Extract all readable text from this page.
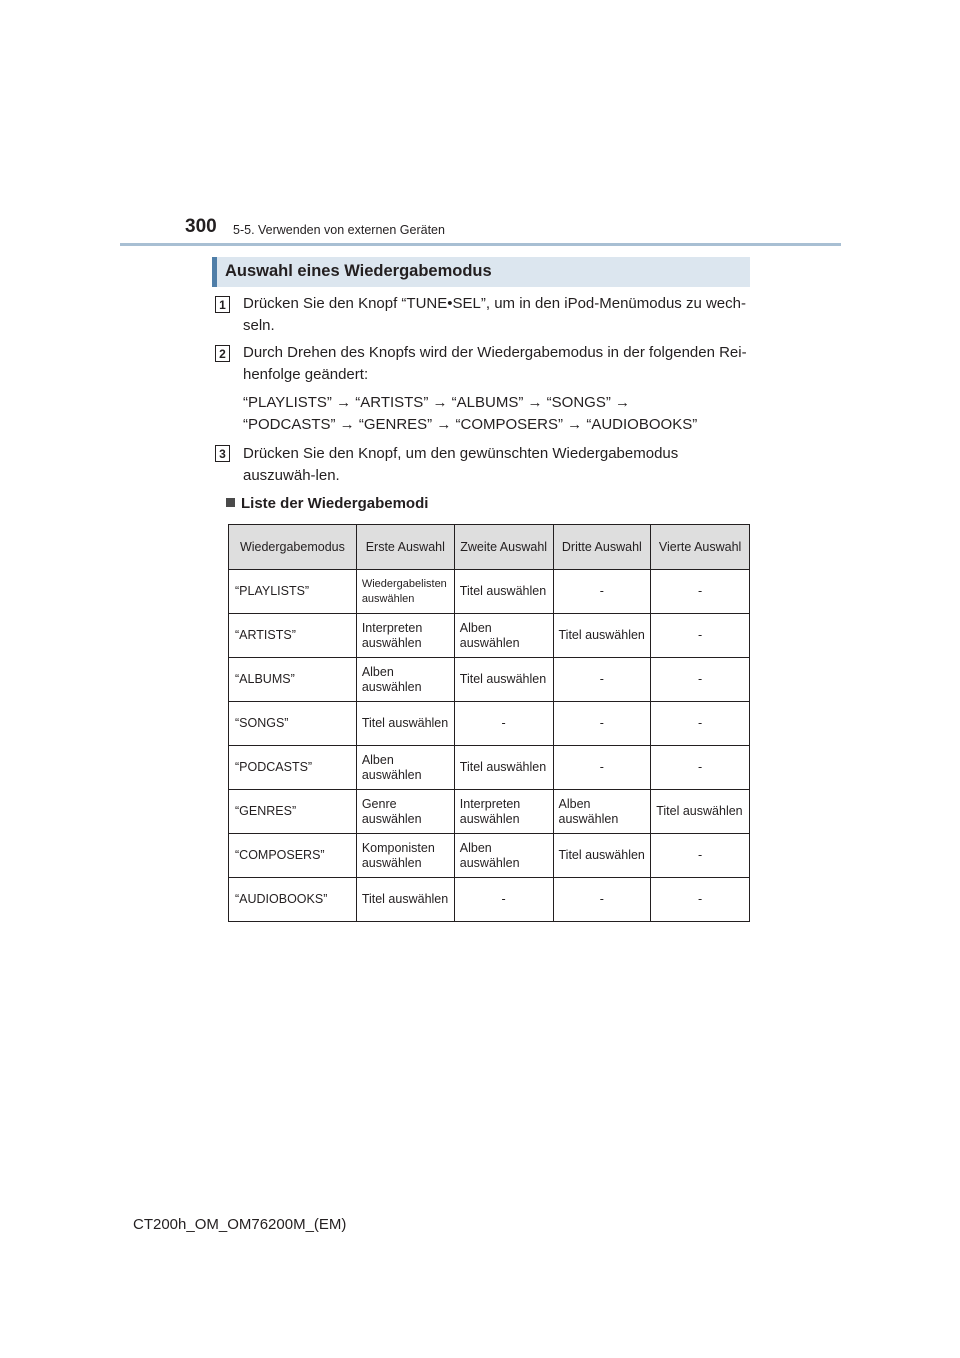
300 5-5. Verwenden von externen Geräten
Auswahl eines Wiedergabemodus
1 Drücken Sie den Knopf “TUNE•SEL”, um in den iPod-Menümodus zu wech-seln.
2 Durch Drehen des Knopfs wird der Wiedergabemodus in der folgenden Rei-henfolge geändert:
“PLAYLISTS” → “ARTISTS” → “ALBUMS” → “SONGS” →
“PODCASTS” → “GENRES” → “COMPOSERS” → “AUDIOBOOKS”
3 Drücken Sie den Knopf, um den gewünschten Wiedergabemodus auszuwäh-len.
Liste der Wiedergabemodi
Wiedergabemodus	Erste Auswahl	Zweite Auswahl	Dritte Auswahl	Vierte Auswahl
“PLAYLISTS”	Wiedergabelisten auswählen	Titel auswählen	-	-
“ARTISTS”	Interpreten auswählen	Alben auswählen	Titel auswählen	-
“ALBUMS”	Alben auswählen	Titel auswählen	-	-
“SONGS”	Titel auswählen	-	-	-
“PODCASTS”	Alben auswählen	Titel auswählen	-	-
“GENRES”	Genre auswählen	Interpreten auswählen	Alben auswählen	Titel auswählen
“COMPOSERS”	Komponisten auswählen	Alben auswählen	Titel auswählen	-
“AUDIOBOOKS”	Titel auswählen	-	-	-
CT200h_OM_OM76200M_(EM)
